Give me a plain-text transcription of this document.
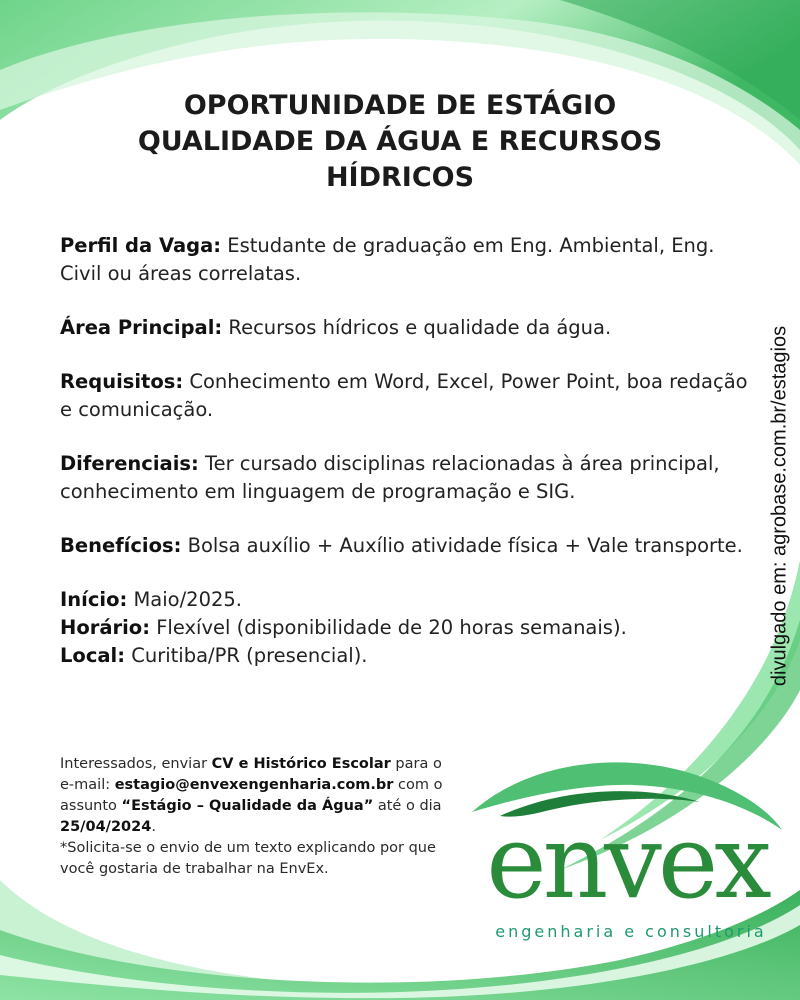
OPORTUNIDADE DE ESTÁGIO
QUALIDADE DA ÁGUA E RECURSOS
HÍDRICOS

Perfil da Vaga: Estudante de graduação em Eng. Ambiental, Eng. Civil ou áreas correlatas.

Área Principal: Recursos hídricos e qualidade da água.

Requisitos: Conhecimento em Word, Excel, Power Point, boa redação e comunicação.

Diferenciais: Ter cursado disciplinas relacionadas à área principal, conhecimento em linguagem de programação e SIG.

Benefícios: Bolsa auxílio + Auxílio atividade física + Vale transporte.

Início: Maio/2025.
Horário: Flexível (disponibilidade de 20 horas semanais).
Local: Curitiba/PR (presencial).
Interessados, enviar CV e Histórico Escolar para o e-mail: estagio@envexengenharia.com.br com o assunto “Estágio – Qualidade da Água” até o dia 25/04/2024.
*Solicita-se o envio de um texto explicando por que você gostaria de trabalhar na EnvEx.
divulgado em: agrobase.com.br/estagios
envex
engenharia e consultoria
